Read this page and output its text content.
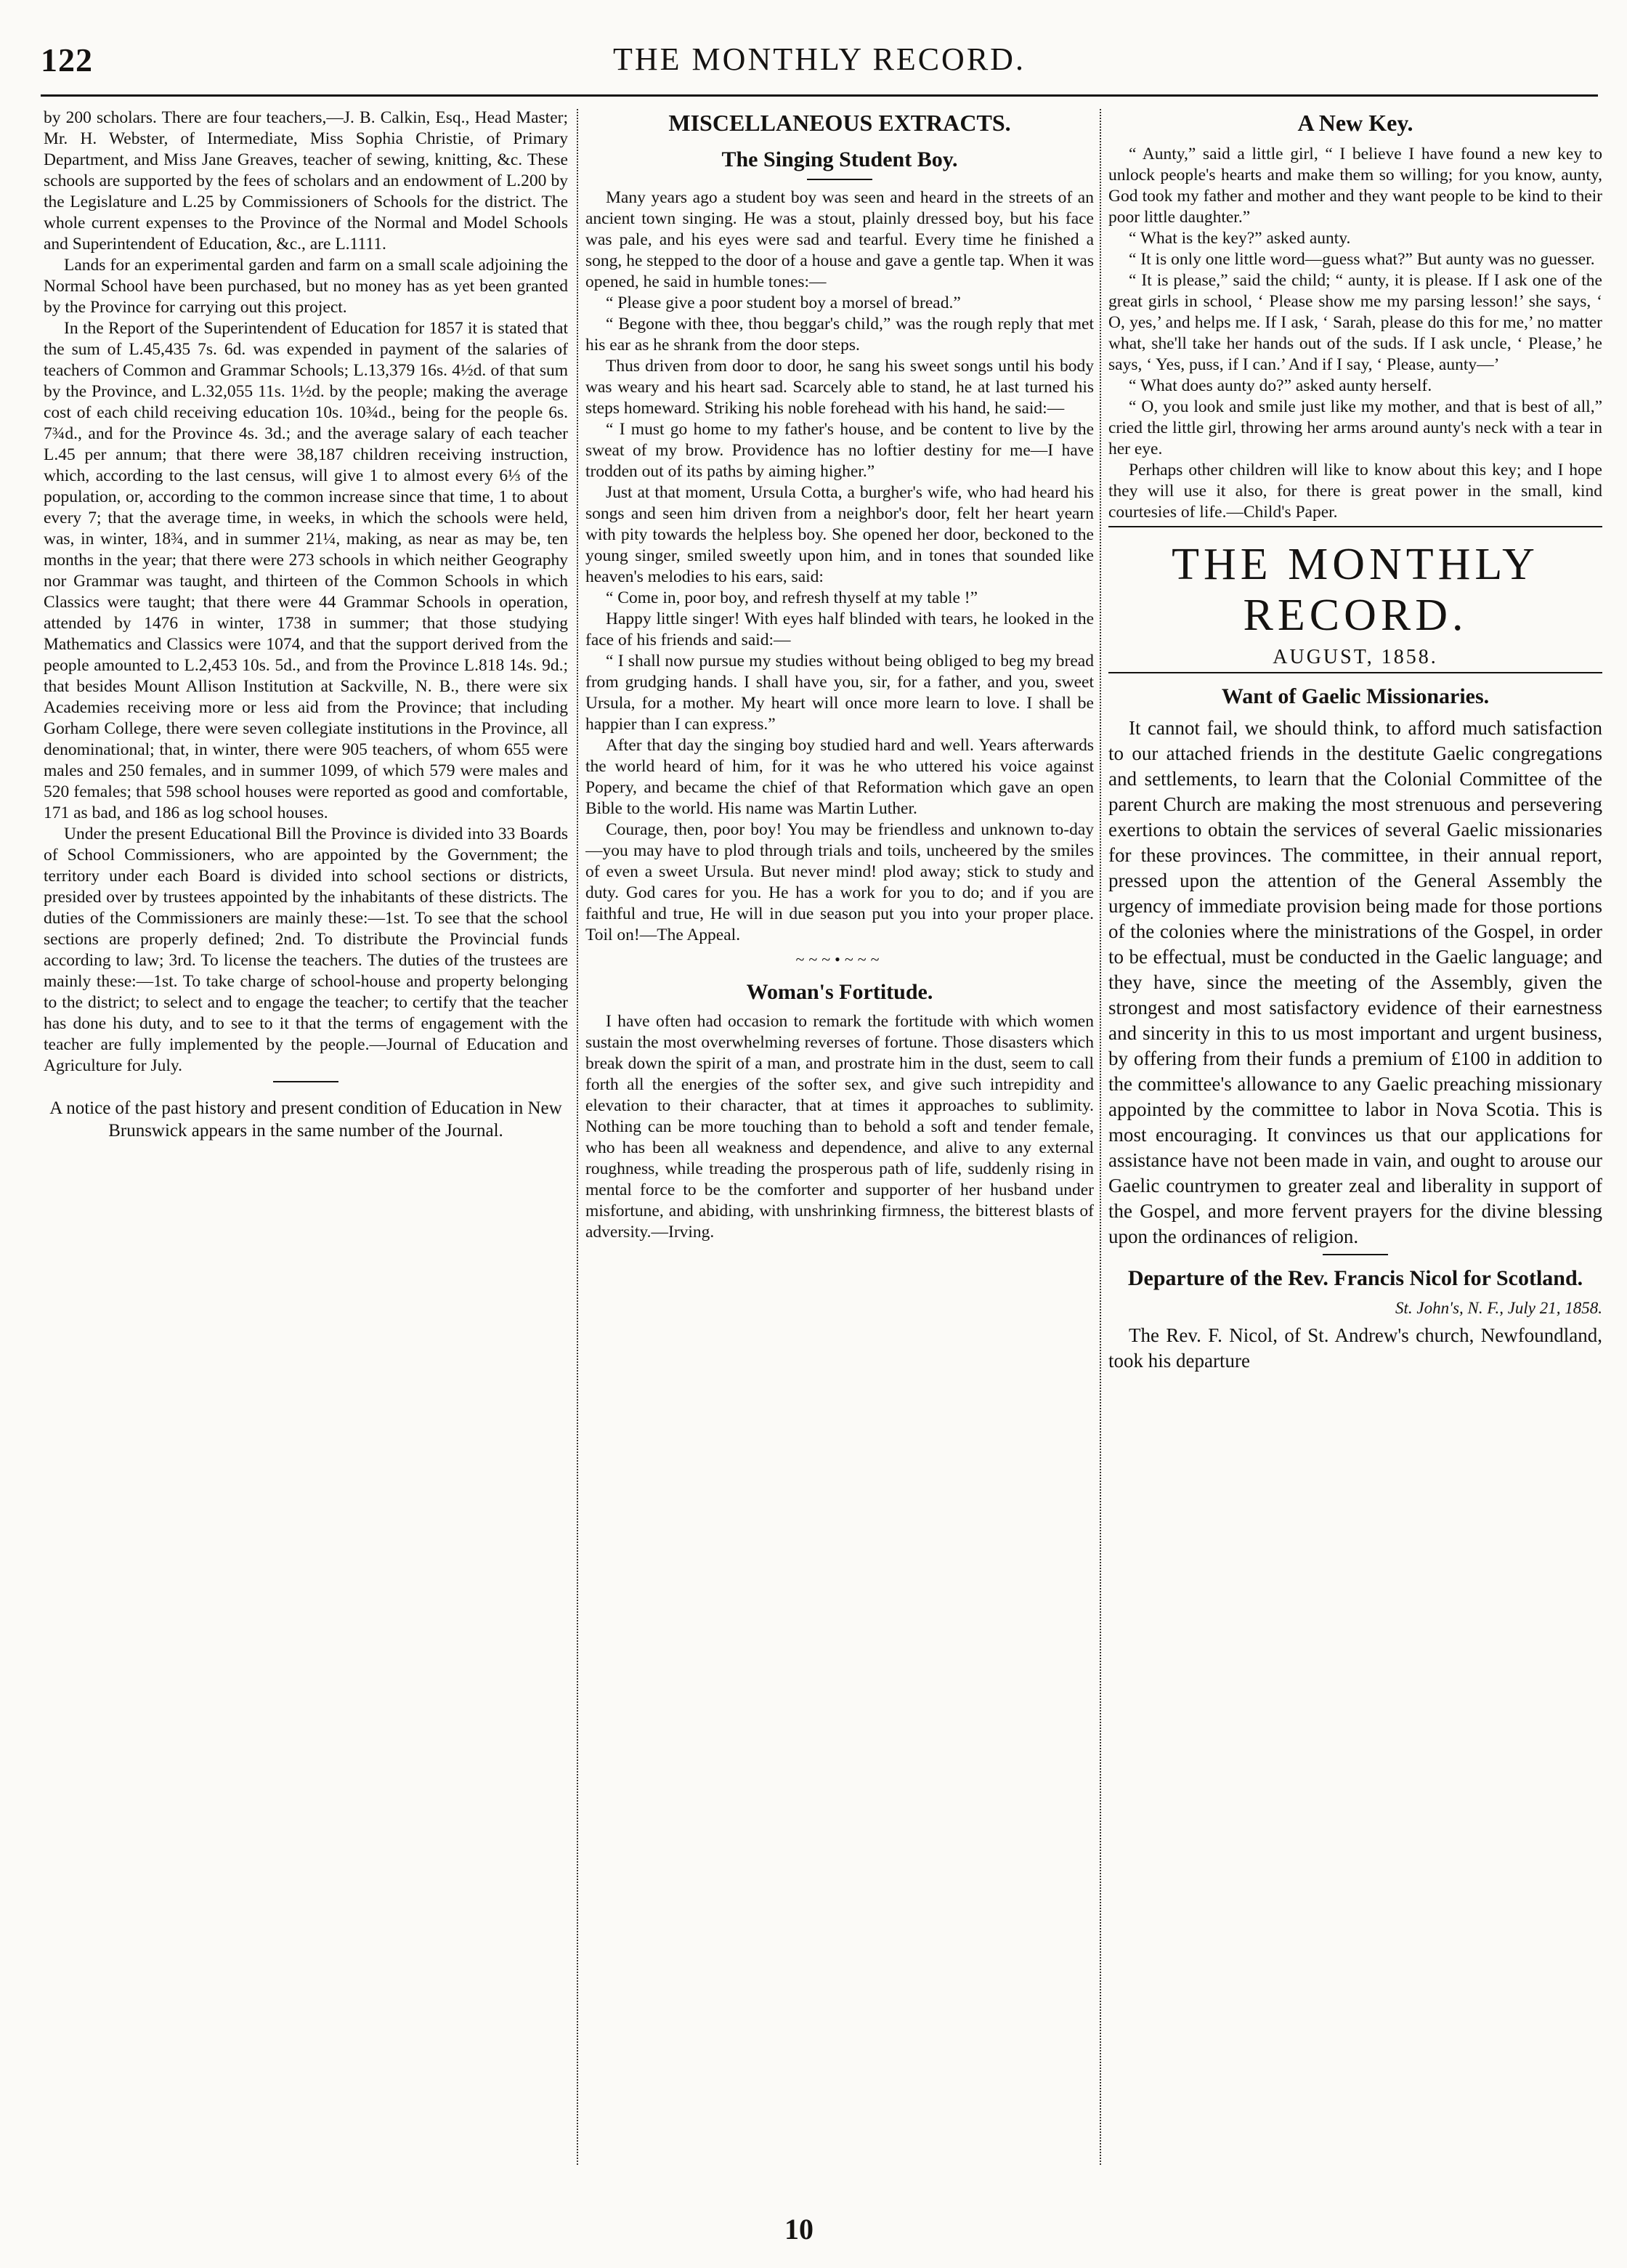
122	THE MONTHLY RECORD.

by 200 scholars. There are four teachers,—J. B. Calkin, Esq., Head Master; Mr. H. Webster, of Intermediate, Miss Sophia Christie, of Primary Department, and Miss Jane Greaves, teacher of sewing, knitting, &c. These schools are supported by the fees of scholars and an endowment of L.200 by the Legislature and L.25 by Commissioners of Schools for the district. The whole current expenses to the Province of the Normal and Model Schools and Superintendent of Education, &c., are L.1111.

Lands for an experimental garden and farm on a small scale adjoining the Normal School have been purchased, but no money has as yet been granted by the Province for carrying out this project.

In the Report of the Superintendent of Education for 1857 it is stated that the sum of L.45,435 7s. 6d. was expended in payment of the salaries of teachers of Common and Grammar Schools; L.13,379 16s. 4½d. of that sum by the Province, and L.32,055 11s. 1½d. by the people; making the average cost of each child receiving education 10s. 10¾d., being for the people 6s. 7¾d., and for the Province 4s. 3d.; and the average salary of each teacher L.45 per annum; that there were 38,187 children receiving instruction, which, according to the last census, will give 1 to almost every 6⅓ of the population, or, according to the common increase since that time, 1 to about every 7; that the average time, in weeks, in which the schools were held, was, in winter, 18¾, and in summer 21¼, making, as near as may be, ten months in the year; that there were 273 schools in which neither Geography nor Grammar was taught, and thirteen of the Common Schools in which Classics were taught; that there were 44 Grammar Schools in operation, attended by 1476 in winter, 1738 in summer; that those studying Mathematics and Classics were 1074, and that the support derived from the people amounted to L.2,453 10s. 5d., and from the Province L.818 14s. 9d.; that besides Mount Allison Institution at Sackville, N. B., there were six Academies receiving more or less aid from the Province; that including Gorham College, there were seven collegiate institutions in the Province, all denominational; that, in winter, there were 905 teachers, of whom 655 were males and 250 females, and in summer 1099, of which 579 were males and 520 females; that 598 school houses were reported as good and comfortable, 171 as bad, and 186 as log school houses.

Under the present Educational Bill the Province is divided into 33 Boards of School Commissioners, who are appointed by the Government; the territory under each Board is divided into school sections or districts, presided over by trustees appointed by the inhabitants of these districts. The duties of the Commissioners are mainly these:—1st. To see that the school sections are properly defined; 2nd. To distribute the Provincial funds according to law; 3rd. To license the teachers. The duties of the trustees are mainly these:—1st. To take charge of school-house and property belonging to the district; to select and to engage the teacher; to certify that the teacher has done his duty, and to see to it that the terms of engagement with the teacher are fully implemented by the people.—Journal of Education and Agriculture for July.

A notice of the past history and present condition of Education in New Brunswick appears in the same number of the Journal.

MISCELLANEOUS EXTRACTS.
The Singing Student Boy.

Many years ago a student boy was seen and heard in the streets of an ancient town singing. He was a stout, plainly dressed boy, but his face was pale, and his eyes were sad and tearful. Every time he finished a song, he stepped to the door of a house and gave a gentle tap. When it was opened, he said in humble tones:—

“ Please give a poor student boy a morsel of bread.”

“ Begone with thee, thou beggar's child,” was the rough reply that met his ear as he shrank from the door steps.

Thus driven from door to door, he sang his sweet songs until his body was weary and his heart sad. Scarcely able to stand, he at last turned his steps homeward. Striking his noble forehead with his hand, he said:—

“ I must go home to my father's house, and be content to live by the sweat of my brow. Providence has no loftier destiny for me—I have trodden out of its paths by aiming higher.”

Just at that moment, Ursula Cotta, a burgher's wife, who had heard his songs and seen him driven from a neighbor's door, felt her heart yearn with pity towards the helpless boy. She opened her door, beckoned to the young singer, smiled sweetly upon him, and in tones that sounded like heaven's melodies to his ears, said:

“ Come in, poor boy, and refresh thyself at my table !”

Happy little singer! With eyes half blinded with tears, he looked in the face of his friends and said:—

“ I shall now pursue my studies without being obliged to beg my bread from grudging hands. I shall have you, sir, for a father, and you, sweet Ursula, for a mother. My heart will once more learn to love. I shall be happier than I can express.”

After that day the singing boy studied hard and well. Years afterwards the world heard of him, for it was he who uttered his voice against Popery, and became the chief of that Reformation which gave an open Bible to the world. His name was Martin Luther.

Courage, then, poor boy! You may be friendless and unknown to-day—you may have to plod through trials and toils, uncheered by the smiles of even a sweet Ursula. But never mind! plod away; stick to study and duty. God cares for you. He has a work for you to do; and if you are faithful and true, He will in due season put you into your proper place. Toil on!—The Appeal.

~~~•~~~
Woman's Fortitude.

I have often had occasion to remark the fortitude with which women sustain the most overwhelming reverses of fortune. Those disasters which break down the spirit of a man, and prostrate him in the dust, seem to call forth all the energies of the softer sex, and give such intrepidity and elevation to their character, that at times it approaches to sublimity. Nothing can be more touching than to behold a soft and tender female, who has been all weakness and dependence, and alive to any external roughness, while treading the prosperous path of life, suddenly rising in mental force to be the comforter and supporter of her husband under misfortune, and abiding, with unshrinking firmness, the bitterest blasts of adversity.—Irving.

A New Key.

“ Aunty,” said a little girl, “ I believe I have found a new key to unlock people's hearts and make them so willing; for you know, aunty, God took my father and mother and they want people to be kind to their poor little daughter.”

“ What is the key?” asked aunty.

“ It is only one little word—guess what?” But aunty was no guesser.

“ It is please,” said the child; “ aunty, it is please. If I ask one of the great girls in school, ‘ Please show me my parsing lesson!’ she says, ‘ O, yes,’ and helps me. If I ask, ‘ Sarah, please do this for me,’ no matter what, she'll take her hands out of the suds. If I ask uncle, ‘ Please,’ he says, ‘ Yes, puss, if I can.’ And if I say, ‘ Please, aunty—’

“ What does aunty do?” asked aunty herself.

“ O, you look and smile just like my mother, and that is best of all,” cried the little girl, throwing her arms around aunty's neck with a tear in her eye.

Perhaps other children will like to know about this key; and I hope they will use it also, for there is great power in the small, kind courtesies of life.—Child's Paper.

THE MONTHLY RECORD.
AUGUST, 1858.
Want of Gaelic Missionaries.

It cannot fail, we should think, to afford much satisfaction to our attached friends in the destitute Gaelic congregations and settlements, to learn that the Colonial Committee of the parent Church are making the most strenuous and persevering exertions to obtain the services of several Gaelic missionaries for these provinces. The committee, in their annual report, pressed upon the attention of the General Assembly the urgency of immediate provision being made for those portions of the colonies where the ministrations of the Gospel, in order to be effectual, must be conducted in the Gaelic language; and they have, since the meeting of the Assembly, given the strongest and most satisfactory evidence of their earnestness and sincerity in this to us most important and urgent business, by offering from their funds a premium of £100 in addition to the committee's allowance to any Gaelic preaching missionary appointed by the committee to labor in Nova Scotia. This is most encouraging. It convinces us that our applications for assistance have not been made in vain, and ought to arouse our Gaelic countrymen to greater zeal and liberality in support of the Gospel, and more fervent prayers for the divine blessing upon the ordinances of religion.

Departure of the Rev. Francis Nicol for Scotland.
St. John's, N. F., July 21, 1858.

The Rev. F. Nicol, of St. Andrew's church, Newfoundland, took his departure

10
